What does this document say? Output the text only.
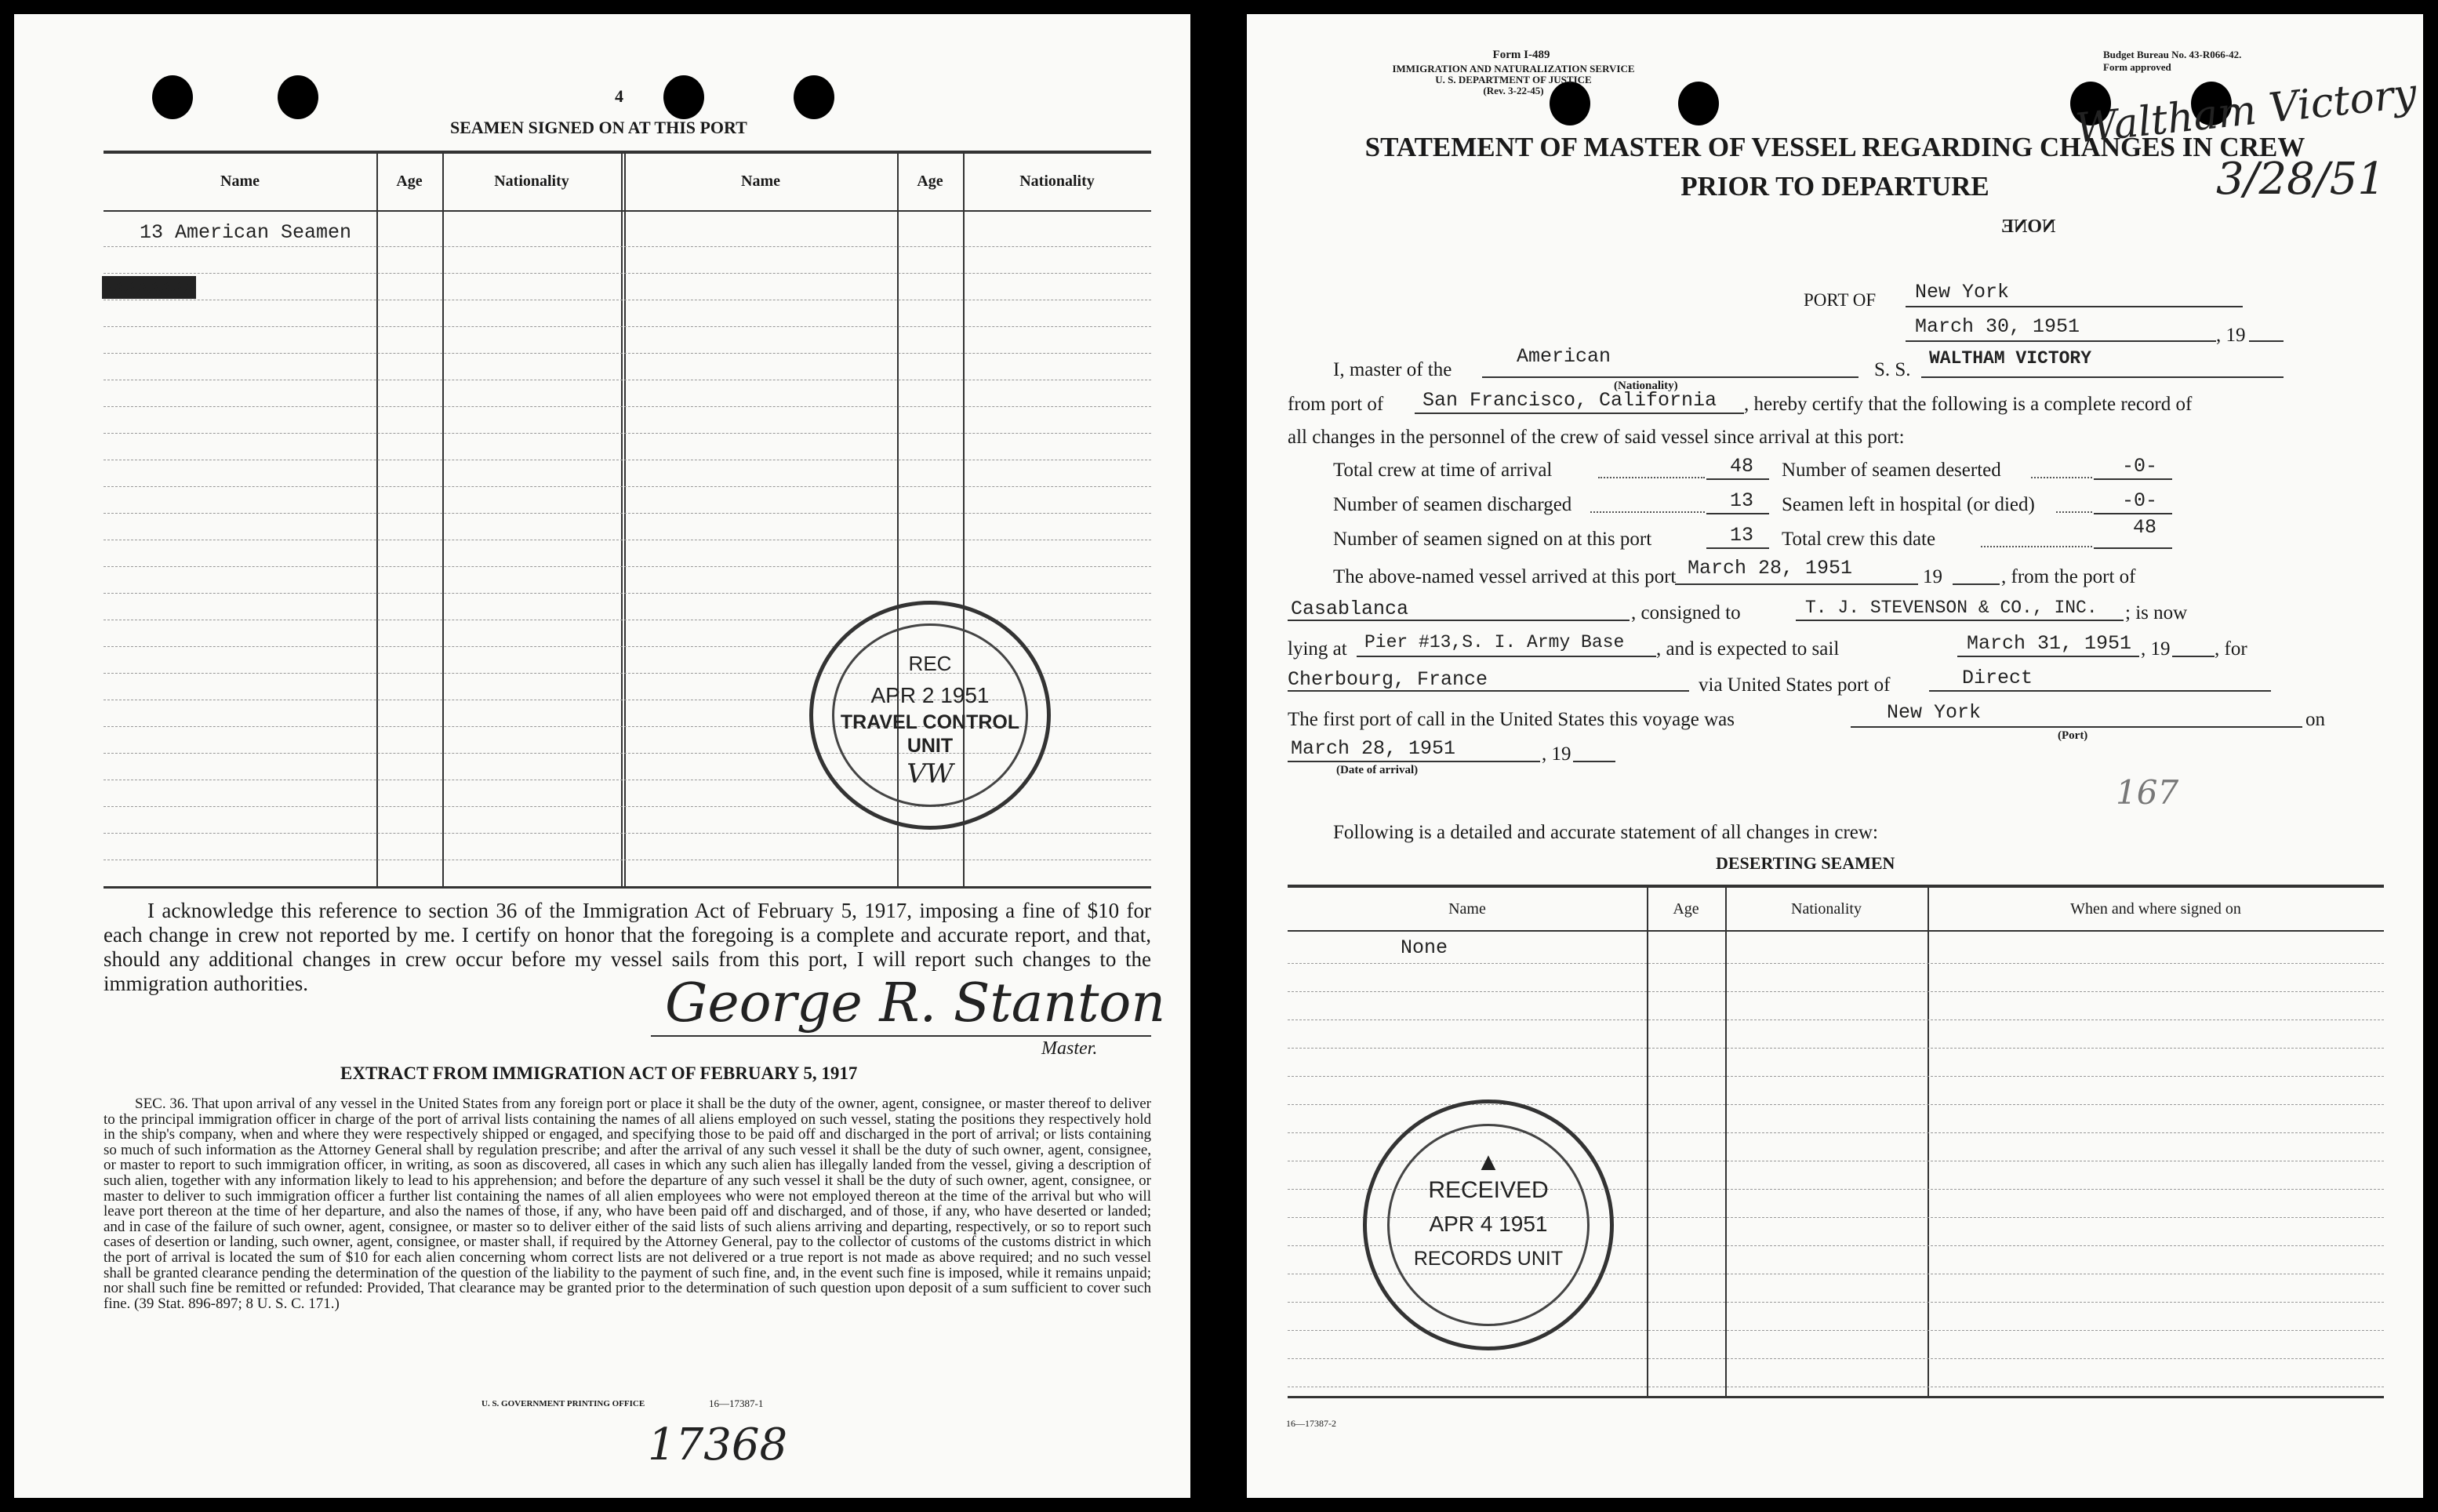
4
SEAMEN SIGNED ON AT THIS PORT
Name	Age	Nationality	Name	Age	Nationality
13 American Seamen
XXXXXXXX
REC
APR 2 1951
TRAVEL CONTROL
UNIT
VW
I acknowledge this reference to section 36 of the Immigration Act of February 5, 1917, imposing a fine of $10 for each change in crew not reported by me. I certify on honor that the foregoing is a complete and accurate report, and that, should any additional changes in crew occur before my vessel sails from this port, I will report such changes to the immigration authorities.	George R. Stanton
Master.
EXTRACT FROM IMMIGRATION ACT OF FEBRUARY 5, 1917
SEC. 36. That upon arrival of any vessel in the United States from any foreign port or place it shall be the duty of the owner, agent, consignee, or master thereof to deliver to the principal immigration officer in charge of the port of arrival lists containing the names of all aliens employed on such vessel, stating the positions they respectively hold in the ship's company, when and where they were respectively shipped or engaged, and specifying those to be paid off and discharged in the port of arrival; or lists containing so much of such information as the Attorney General shall by regulation prescribe; and after the arrival of any such vessel it shall be the duty of such owner, agent, consignee, or master to report to such immigration officer, in writing, as soon as discovered, all cases in which any such alien has illegally landed from the vessel, giving a description of such alien, together with any information likely to lead to his apprehension; and before the departure of any such vessel it shall be the duty of such owner, agent, consignee, or master to deliver to such immigration officer a further list containing the names of all alien employees who were not employed thereon at the time of the arrival but who will leave port thereon at the time of her departure, and also the names of those, if any, who have been paid off and discharged, and of those, if any, who have deserted or landed; and in case of the failure of such owner, agent, consignee, or master so to deliver either of the said lists of such aliens arriving and departing, respectively, or so to report such cases of desertion or landing, such owner, agent, consignee, or master shall, if required by the Attorney General, pay to the collector of customs of the customs district in which the port of arrival is located the sum of $10 for each alien concerning whom correct lists are not delivered or a true report is not made as above required; and no such vessel shall be granted clearance pending the determination of the question of the liability to the payment of such fine, and, in the event such fine is imposed, while it remains unpaid; nor shall such fine be remitted or refunded: Provided, That clearance may be granted prior to the determination of such question upon deposit of a sum sufficient to cover such fine. (39 Stat. 896-897; 8 U. S. C. 171.)
U. S. GOVERNMENT PRINTING OFFICE	16—17387-1
17368
Form I-489
IMMIGRATION AND NATURALIZATION SERVICE
U. S. DEPARTMENT OF JUSTICE
(Rev. 3-22-45)
Budget Bureau No. 43-R066-42.
Form approved
STATEMENT OF MASTER OF VESSEL REGARDING CHANGES IN CREW
PRIOR TO DEPARTURE
Waltham Victory
3/28/51
NONE
PORT OF New York
March 30, 1951	, 19
I, master of the
American
(Nationality)
S. S.
WALTHAM VICTORY
from port of San Francisco, California , hereby certify that the following is a complete record of
all changes in the personnel of the crew of said vessel since arrival at this port:
Total crew at time of arrival	48 Number of seamen deserted	-0-
Number of seamen discharged	13 Seamen left in hospital (or died)	-0-
Number of seamen signed on at this port	13 Total crew this date
48
The above-named vessel arrived at this port March 28, 1951	19	, from the port of
Casablanca	, consigned to	T. J. STEVENSON & CO., INC. ; is now
lying at Pier #13,S. I. Army Base , and is expected to sail	March 31, 1951 , 19 , for
Cherbourg, France	via United States port of	Direct
The first port of call in the United States this voyage was	New York
(Port)
on
March 28, 1951
(Date of arrival)
, 19
167
Following is a detailed and accurate statement of all changes in crew:
DESERTING SEAMEN
Name	Age	Nationality	When and where signed on
None
▲
RECEIVED
APR 4 1951
RECORDS UNIT
16—17387-2
